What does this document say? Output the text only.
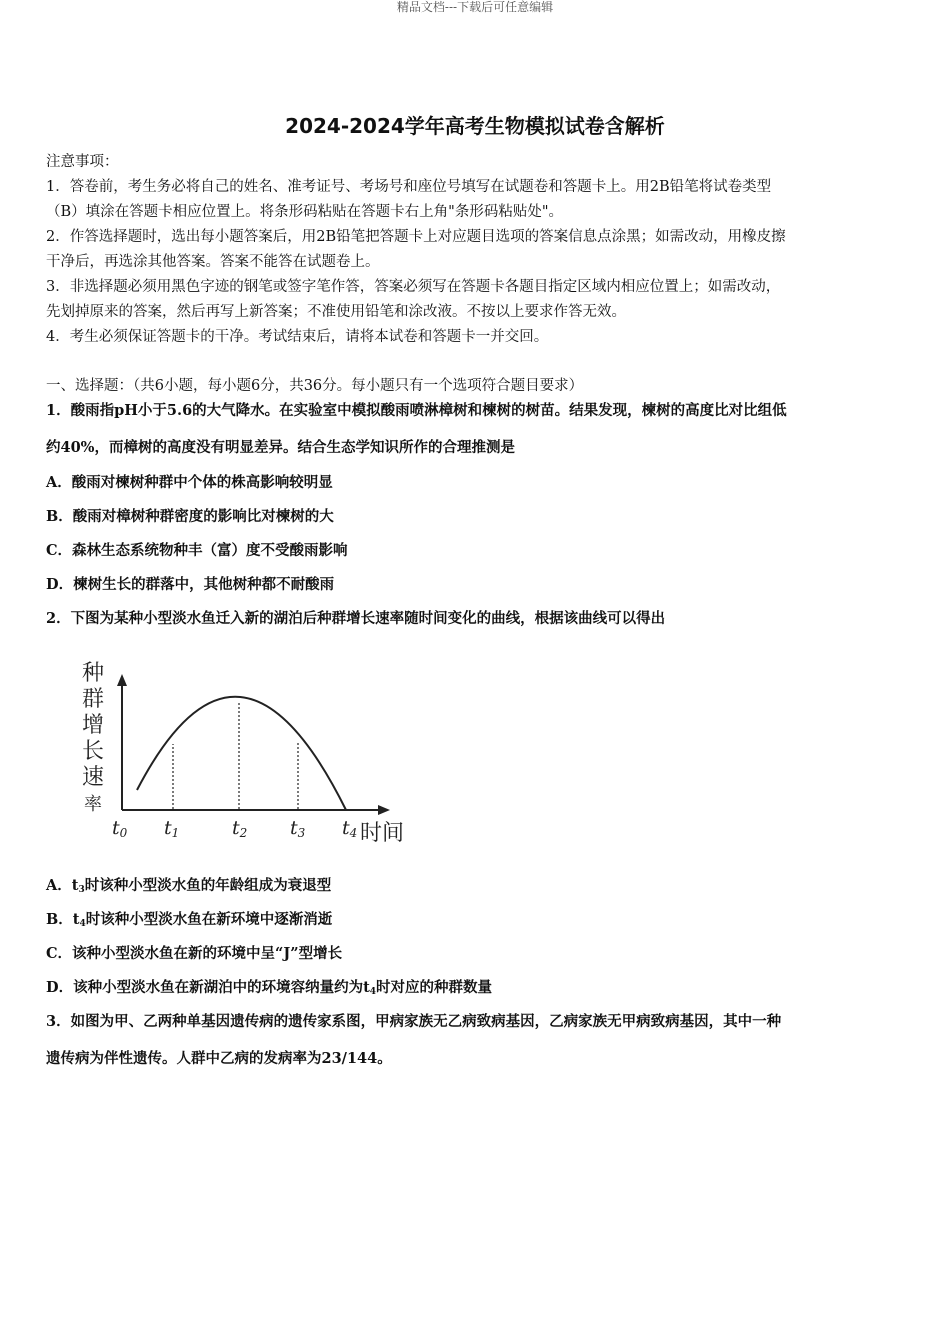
精品文档---下载后可任意编辑
2024-2024学年高考生物模拟试卷含解析
注意事项：
1．答卷前，考生务必将自己的姓名、准考证号、考场号和座位号填写在试题卷和答题卡上。用2B铅笔将试卷类型
（B）填涂在答题卡相应位置上。将条形码粘贴在答题卡右上角"条形码粘贴处"。
2．作答选择题时，选出每小题答案后，用2B铅笔把答题卡上对应题目选项的答案信息点涂黑；如需改动，用橡皮擦
干净后，再选涂其他答案。答案不能答在试题卷上。
3．非选择题必须用黑色字迹的钢笔或签字笔作答，答案必须写在答题卡各题目指定区域内相应位置上；如需改动，
先划掉原来的答案，然后再写上新答案；不准使用铅笔和涂改液。不按以上要求作答无效。
4．考生必须保证答题卡的干净。考试结束后，请将本试卷和答题卡一并交回。
一、选择题：（共6小题，每小题6分，共36分。每小题只有一个选项符合题目要求）
1．酸雨指pH小于5.6的大气降水。在实验室中模拟酸雨喷淋樟树和楝树的树苗。结果发现，楝树的高度比对比组低
约40%，而樟树的高度没有明显差异。结合生态学知识所作的合理推测是
A．酸雨对楝树种群中个体的株高影响较明显
B．酸雨对樟树种群密度的影响比对楝树的大
C．森林生态系统物种丰（富）度不受酸雨影响
D．楝树生长的群落中，其他树种都不耐酸雨
2．下图为某种小型淡水鱼迁入新的湖泊后种群增长速率随时间变化的曲线，根据该曲线可以得出
种
群
增
长
速
率
t0 t1	t2 t3 t4 时间
A．$t_3$时该种小型淡水鱼的年龄组成为衰退型
B．$t_4$时该种小型淡水鱼在新环境中逐渐消逝
C．该种小型淡水鱼在新的环境中呈“J”型增长
D．该种小型淡水鱼在新湖泊中的环境容纳量约为$t_4$时对应的种群数量
3．如图为甲、乙两种单基因遗传病的遗传家系图，甲病家族无乙病致病基因，乙病家族无甲病致病基因，其中一种
遗传病为伴性遗传。人群中乙病的发病率为23/144。
